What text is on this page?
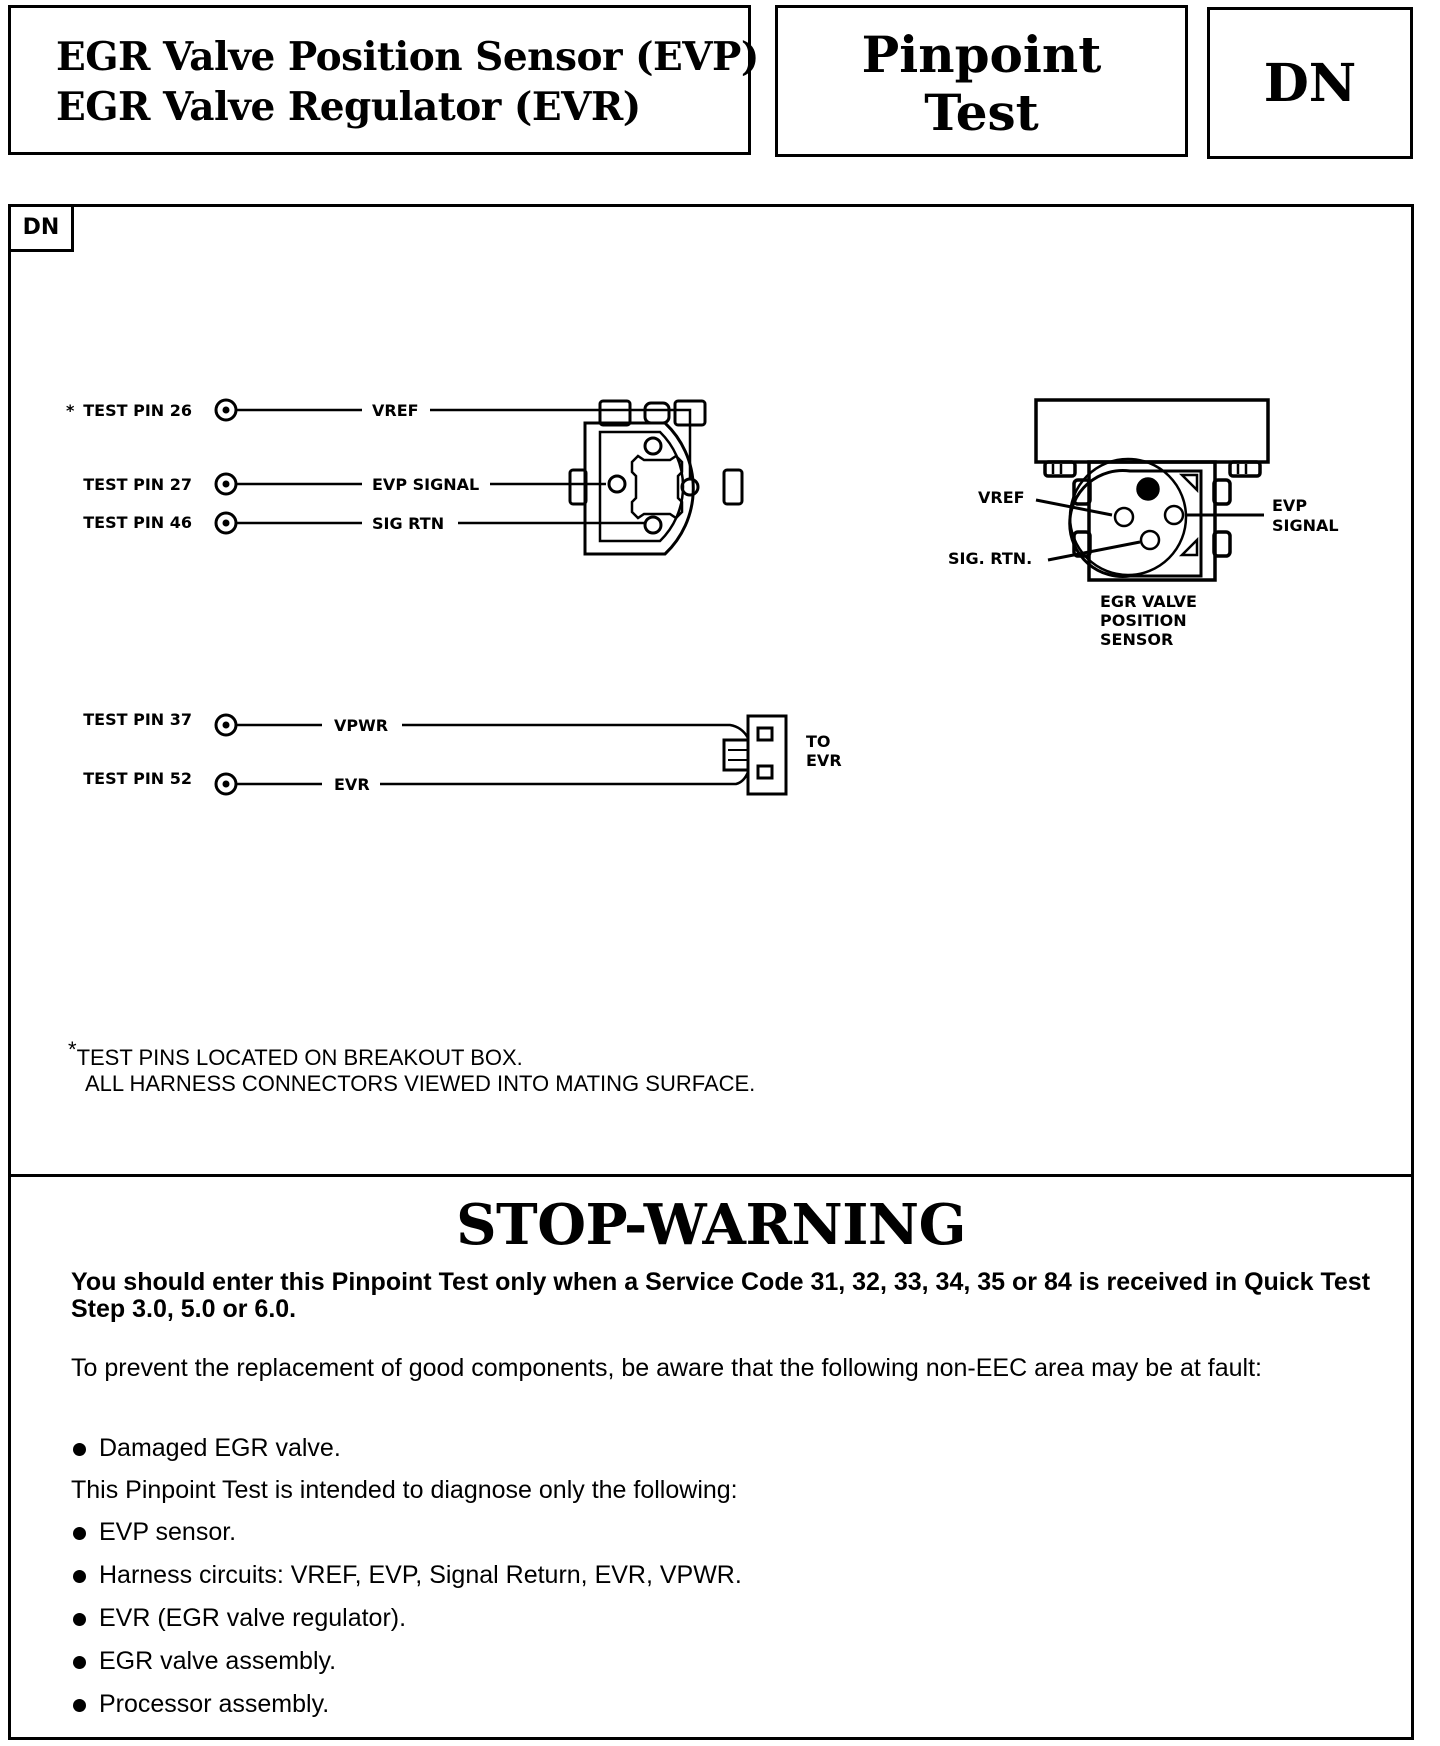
EGR Valve Position Sensor (EVP)
EGR Valve Regulator (EVR)
Pinpoint
Test	DN
DN
* TEST PIN 26	VREF
TEST PIN 27	EVP SIGNAL
TEST PIN 46	SIG RTN
TEST PIN 37	VPWR
TEST PIN 52	EVR
TO
EVR
VREF
SIG. RTN.
EVP
SIGNAL
EGR VALVE
POSITION
SENSOR
*TEST PINS LOCATED ON BREAKOUT BOX.
ALL HARNESS CONNECTORS VIEWED INTO MATING SURFACE.
STOP-WARNING
You should enter this Pinpoint Test only when a Service Code 31, 32, 33, 34, 35 or 84 is received in Quick Test Step 3.0, 5.0 or 6.0.
To prevent the replacement of good components, be aware that the following non-EEC area may be at fault:
Damaged EGR valve.
This Pinpoint Test is intended to diagnose only the following:
EVP sensor.
Harness circuits: VREF, EVP, Signal Return, EVR, VPWR.
EVR (EGR valve regulator).
EGR valve assembly.
Processor assembly.
